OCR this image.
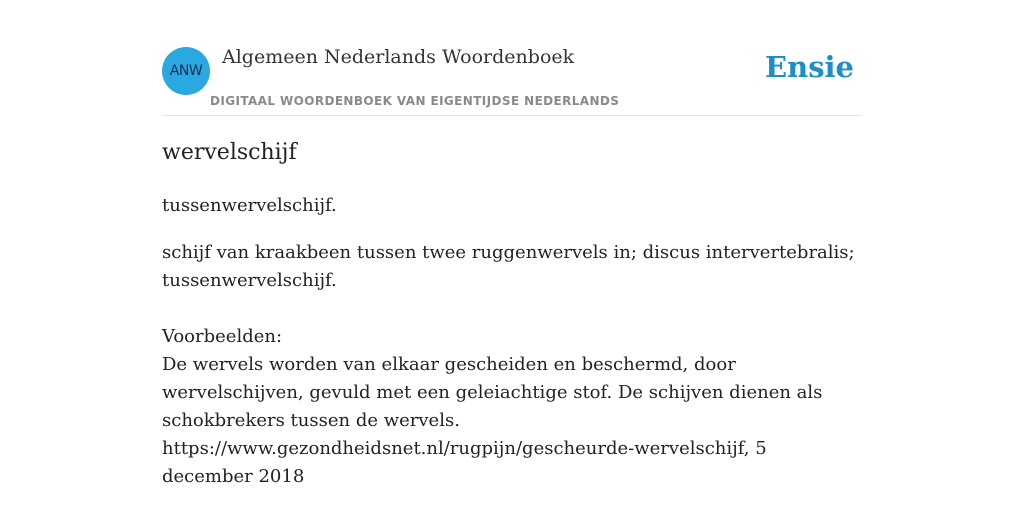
ANW
Algemeen Nederlands Woordenboek
DIGITAAL WOORDENBOEK VAN EIGENTIJDSE NEDERLANDS
Ensie
wervelschijf
tussenwervelschijf.
schijf van kraakbeen tussen twee ruggenwervels in; discus intervertebralis; tussenwervelschijf.
Voorbeelden:

De wervels worden van elkaar gescheiden en beschermd, door wervelschijven, gevuld met een geleiachtige stof. De schijven dienen als schokbrekers tussen de wervels.

https://www.gezondheidsnet.nl/rugpijn/gescheurde-wervelschijf, 5 december 2018
